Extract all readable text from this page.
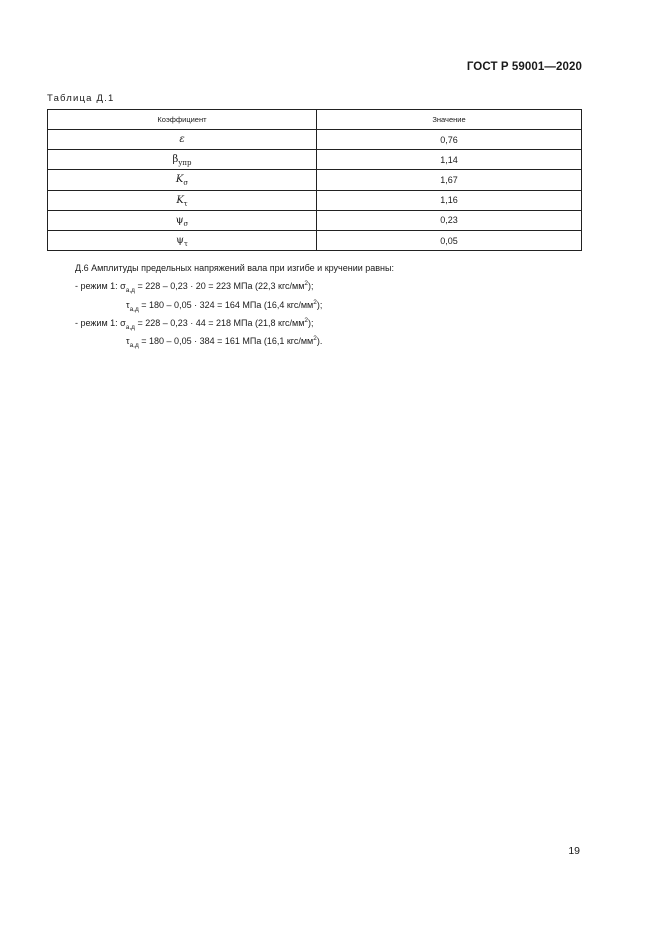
ГОСТ Р 59001—2020
Таблица Д.1
Коэффициент	Значение
ε	0,76
$\beta_{упр}$	1,14
$K_\sigma$	1,67
$K_\tau$	1,16
$\psi_\sigma$	0,23
$\psi_\tau$	0,05
Д.6 Амплитуды предельных напряжений вала при изгибе и кручении равны:
- режим 1: $\sigma_{а,д} = 228 - 0,23 \cdot 20 = 223$ МПа (22,3 кгс/$мм^2$);
$\tau_{а,д} = 180 - 0,05 \cdot 324 = 164$ МПа (16,4 кгс/$мм^2$);
- режим 1: $\sigma_{а,д} = 228 - 0,23 \cdot 44 = 218$ МПа (21,8 кгс/$мм^2$);
$\tau_{а,д} = 180 - 0,05 \cdot 384 = 161$ МПа (16,1 кгс/$мм^2$).
19
